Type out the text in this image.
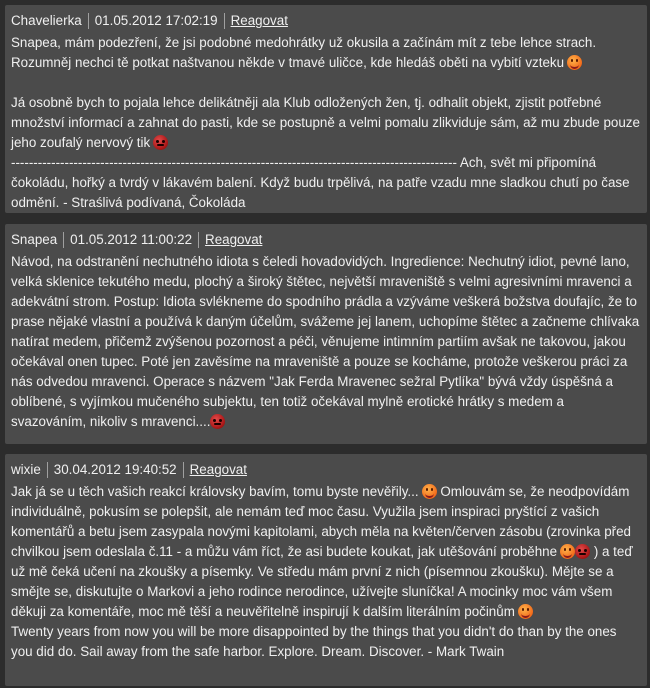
Chavelierka 01.05.2012 17:02:19 Reagovat

Snapea, mám podezření, že jsi podobné medohrátky už okusila a začínám mít z tebe lehce strach. Rozumněj nechci tě potkat naštvanou někde v tmavé uličce, kde hledáš oběti na vybití vzteku

Já osobně bych to pojala lehce delikátněji ala Klub odložených žen, tj. odhalit objekt, zjistit potřebné množství informací a zahnat do pasti, kde se postupně a velmi pomalu zlikviduje sám, až mu zbude pouze jeho zoufalý nervový tik

---------------------------------------------------------------------------------------------------- Ach, svět mi připomíná čokoládu, hořký a tvrdý v lákavém balení. Když budu trpělivá, na patře vzadu mne sladkou chutí po čase odmění. - Straślivá podívaná, Čokoláda

Snapea 01.05.2012 11:00:22 Reagovat

Návod, na odstranění nechutného idiota s čeledi hovadovidých. Ingredience: Nechutný idiot, pevné lano, velká sklenice tekutého medu, plochý a široký štětec, největší mraveniště s velmi agresivními mravenci a adekvátní strom. Postup: Idiota svlékneme do spodního prádla a vzýváme veškerá božstva doufajíc, že to prase nějaké vlastní a používá k daným účelům, svážeme jej lanem, uchopíme štětec a začneme chlívaka natírat medem, přičemž zvýšenou pozornost a péči, věnujeme intimním partiím avšak ne takovou, jakou očekával onen tupec. Poté jen zavěsíme na mraveniště a pouze se kocháme, protože veškerou práci za nás odvedou mravenci. Operace s názvem "Jak Ferda Mravenec sežral Pytlíka" bývá vždy úspěšná a oblíbené, s vyjímkou mučeného subjektu, ten totiž očekával mylně erotické hrátky s medem a svazováním, nikoliv s mravenci....

wixie 30.04.2012 19:40:52 Reagovat

Jak já se u těch vašich reakcí královsky bavím, tomu byste nevěřily... Omlouvám se, že neodpovídám individuálně, pokusím se polepšit, ale nemám teď moc času. Využila jsem inspiraci pryštící z vašich komentářů a betu jsem zasypala novými kapitolami, abych měla na květen/červen zásobu (zrovinka před chvilkou jsem odeslala č.11 - a můžu vám říct, že asi budete koukat, jak utěšování proběhne	) a teď už mě čeká učení na zkoušky a písemky. Ve středu mám první z nich (písemnou zkoušku). Mějte se a smějte se, diskutujte o Markovi a jeho rodince nerodince, užívejte sluníčka! A mocinky moc vám všem děkuji za komentáře, moc mě těší a neuvěřitelně inspirují k dalším literálním počinům

Twenty years from now you will be more disappointed by the things that you didn't do than by the ones you did do. Sail away from the safe harbor. Explore. Dream. Discover. - Mark Twain
